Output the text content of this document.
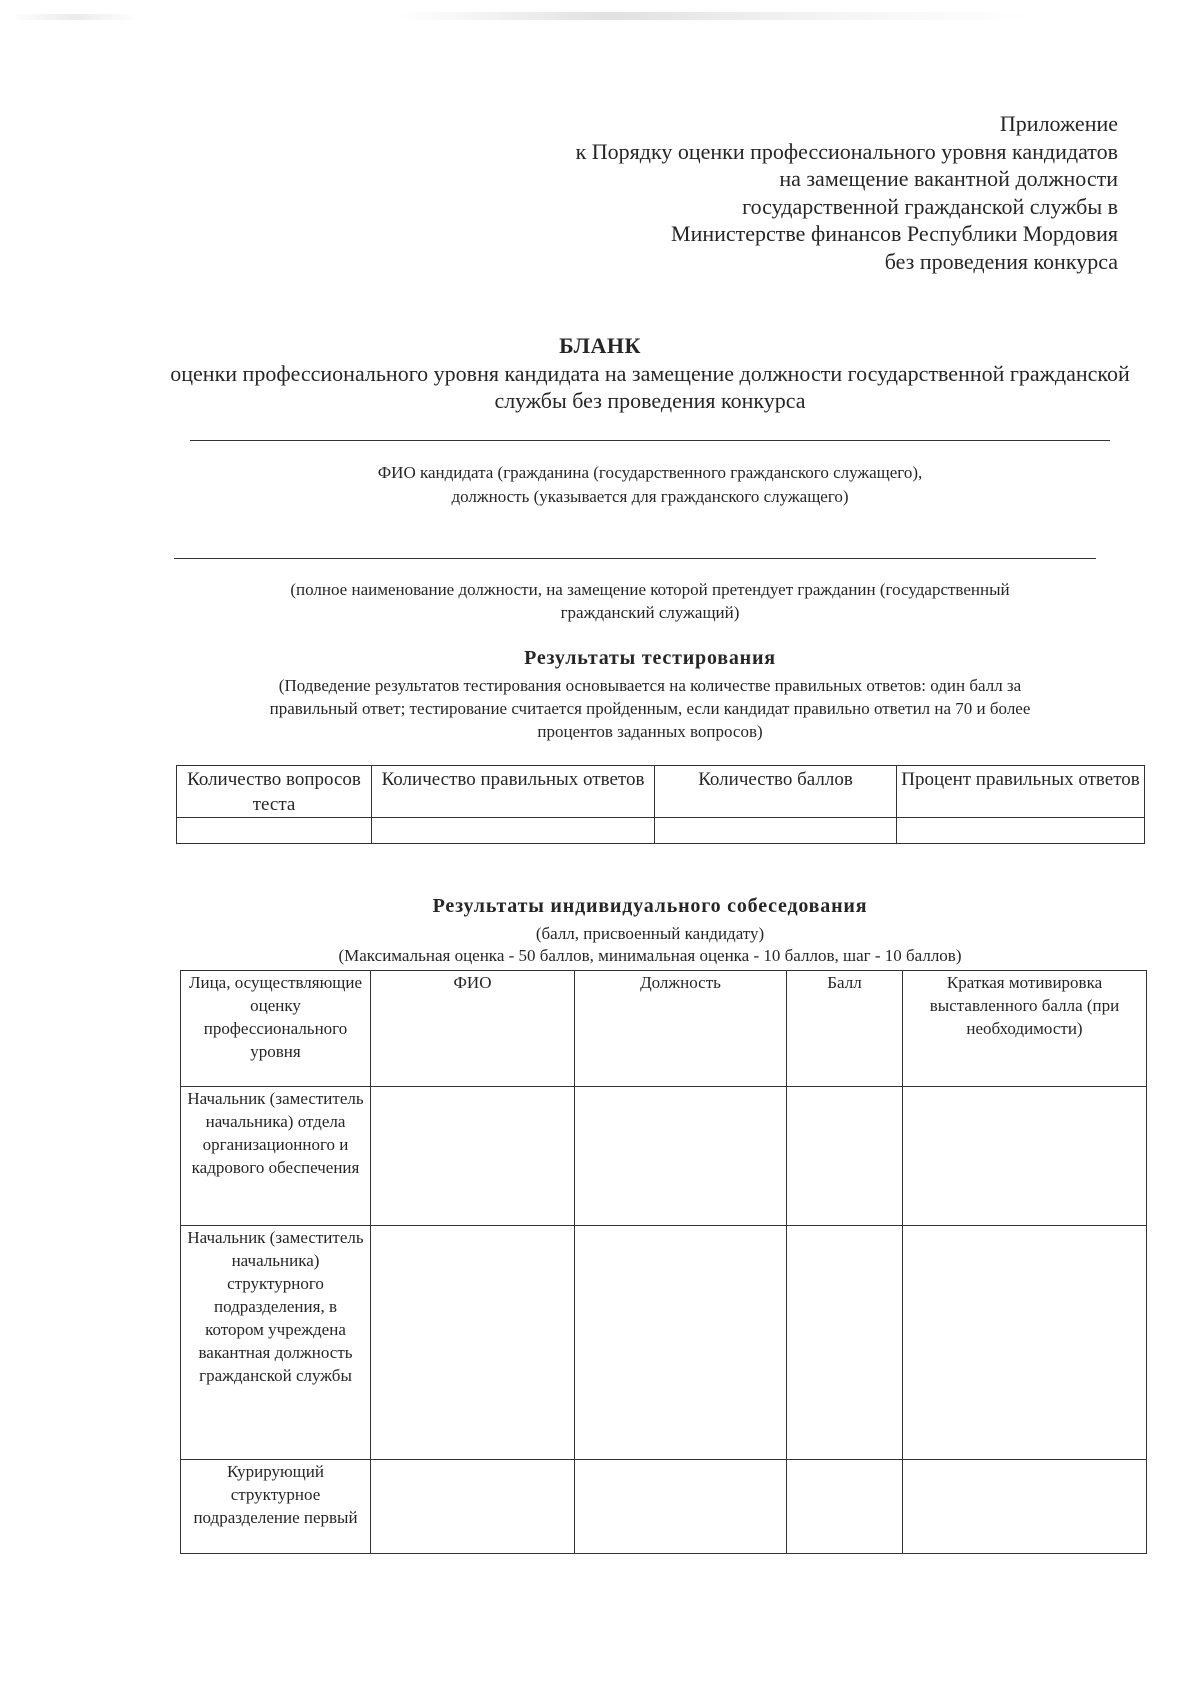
Приложение
к Порядку оценки профессионального уровня кандидатов
на замещение вакантной должности
государственной гражданской службы в
Министерстве финансов Республики Мордовия
без проведения конкурса
БЛАНК
оценки профессионального уровня кандидата на замещение должности государственной гражданской службы без проведения конкурса
ФИО кандидата (гражданина (государственного гражданского служащего),
должность (указывается для гражданского служащего)
(полное наименование должности, на замещение которой претендует гражданин (государственный
гражданский служащий)
Результаты тестирования
(Подведение результатов тестирования основывается на количестве правильных ответов: один балл за
правильный ответ; тестирование считается пройденным, если кандидат правильно ответил на 70 и более
процентов заданных вопросов)
Количество вопросов теста	Количество правильных ответов	Количество баллов	Процент правильных ответов

Результаты индивидуального собеседования
(балл, присвоенный кандидату)
(Максимальная оценка - 50 баллов, минимальная оценка - 10 баллов, шаг - 10 баллов)
Лица, осуществляющие оценку профессионального уровня	ФИО	Должность	Балл	Краткая мотивировка выставленного балла (при необходимости)
Начальник (заместитель начальника) отдела организационного и кадрового обеспечения				
Начальник (заместитель начальника) структурного подразделения, в котором учреждена вакантная должность гражданской службы				
Курирующий структурное подразделение первый				
